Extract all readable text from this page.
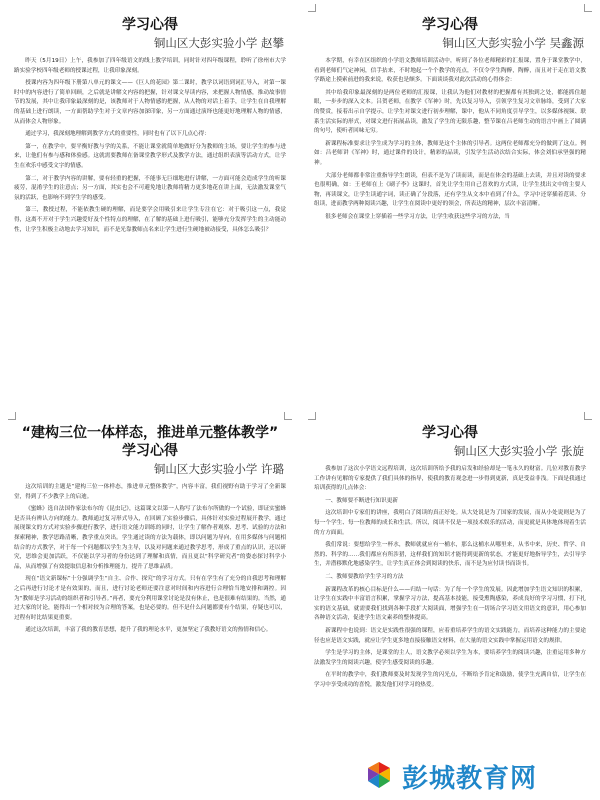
学习心得
铜山区大彭实验小学 赵攀

昨天（5月19日）上午，我参加了四年级语文的线上教学培训，同时针对四年级课程，聆听了徐州市大学路实验学校四年级老师的授课过程，让我印象深刻。

授课内容为四年级下册第八单元的课文——《巨人的花园》第二课时，教学以词语到词汇导入，对第一课时中的内容进行了简单回顾，之后就是讲解文内容的把握，针对课文导读内容，来把握人物情感，推动故事情节的发展，其中让我印象最深刻的是，该教师对于人物情感的把握，从人物的对话上着手，让学生在自我理解的基础上进行朗读，一方面帮助学生对于文章内容加深印象，另一方面通过演绎也能更好地理解人物的情感，从而体会人物形象。

通过学习，我深刻地理解到教学方式的重要性，同时也有了以下几点心得：

第一，在教学中，要平衡好教与学的关系，不能让课堂就简单地做好分为教师的主场，要让学生的参与进来，让他们有参与感和体验感。这就需要教师在备课堂教学形式及教学方法，通过组织表演等活动方式，让学生在欢乐中感受文字的情感。

第二，对于教学内容的讲解，要有轻重的把握，不能事无巨细地进行讲解，一方面可能会造成学生的听课疲劳，混淆学生的注意点；另一方面，其实也会不可避免地让教师将精力更多地花在讲上面，无法激发课堂气氛的活跃，也影响不到学生学的感受。

第三，教授过程，不能依教生硬的理解，而是要学会用吸引来让学生专注在它：对于吸引这一点，我觉得，这离不开对于学生兴趣爱好及个性特点的理解，在了解的基础上进行吸引，能够充分发挥学生的主动能动性，让学生积极主动地去学习知识，而不是光靠教师点名来让学生进行生硬地被动接受，具体怎么吸引？

学习心得
铜山区大彭实验小学 吴鑫源

本学期，有幸在区组织的小学语文教师培训活动中，听到了各位老师精彩的汇报课，置身于课堂教学中，看到老师们气定神闲，信手拈来，不时地起一个个教学的亮点，不仅令学生陶醉，陶醉，而且对于走在语文教学路途上摸索前进的我来说，收获也是颇多。下面谈谈我对此次活动的心得体会：

其中给我印象最深刻的是两位老师的汇报课，让我认为他们对教材的把握都有其独到之处，都能抓住题眼，一步步的深入文本。吕贺老师，在教学《军神》时，先以复习导入，引领学生复习文章脉络，受到了大家的赞赏，接着出示自学提示，让学生对课文进行初步理解，课中，他从不同角度引导学生，以多媒体视频、联系生活实际的形式，对课文进行拓展品读，激发了学生的无限乐趣，整节课在吕老师生动的语言中画上了圆满的句号，使听者回味无穷。

新课程标准要求让学生成为学习的主体，教师是这个主体的引导者。这两位老师都充分的做到了这点。例如：吕老师讲《军神》时，通过课件的设计，精彩的品读，引发学生活动次结合实际，体会刘伯承坚强的精神。

大部分老师都非常注重指导学生朗读，但表不是为了读而读，而是在体会的基础上去读，并且对读的要求也很明确，如：王老师在上《刷子李》这课时，首先让学生用自己喜欢的方式读，让学生找出文中的主要人物，再读课文，让学生读通字词，读正确了分段落，还有学生从文本中看到了什么，学习中还穿插着范读、分组读，进而教学两种阅读兴趣，让学生在阅读中更好的领会，所表达的精神，层次丰富清晰。

很多老师会在课堂上穿插着一些学习方法，让学生收获这些学习的方法，当

“建构三位一体样态，推进单元整体教学”
学习心得
铜山区大彭实验小学 许璐

这次培训的主题是“建构三位一体样态，推进单元整体教学”，内容丰富，我们视野有助于学习了全新课堂，得到了不少教学上的启迪。

《蜜蜂》选自法国作家法布尔的《昆虫记》，这篇课文以第一人称写了法布尔所做的一个试验，即证实蜜蜂是否具有辨认方向的能力。教师通过复习形式导入，在回顾了实验步骤后，具体针对实验过程展开教学，通过展现课文的方式对实验步骤进行教学，进行语文能力训练的同时，让学生了解作者观察、思考、试验的方法和探索精神，教学思路清晰，教学重点突出。学生通过读的方法为载体，即以问题为导向，在用多媒体与问题相结合的方式教学，对于每一个问题都以学生为主导，以及对问题来通过教学思考，形成了重点的认识，还以研究，思维会更加活跃，不仅能以学习者的身份达到了理解和真情，而且更以“科学研究者”的姿态探讨科学小品，从而增强了有效提取信息和分析推理能力，提升了思维品质。

现在“语文新课标”十分强调学生“自主、合作、探究”的学习方式。只有在学生有了充分的自我思考和理解之后再进行讨论才是有效果的，而且，进行讨论老师还要注意对时间和内容进行合理恰当地安排和调控。因为“教师是学习活动的组织者和引导者。”再者，要充分利用课堂讨论是没有休止，也是很难有结果的。当然，通过大家的讨论，能得出一个相对较为合理的答案，也是必要的。但不是什么问题都要有个结果，存疑也可以，过程有时比结果更重要。

通过这次培训，丰富了我的教育思想，提升了我的理论水平，更加坚定了我教好语文的热情和信心。

学习心得
铜山区大彭实验小学 张旋

我参加了这次小学语文远程培训，这次培训所给予我的启发和经验却是一笔永久的财富。几位对教育教学工作讲有见解的专家提供了我们具体的指导，使我的教育观念进一步得到更新，真是受益非浅。下面是我通过培训获得的几点体会：

一、教师要不断进行知识更新

这次培训中专家们的讲座，我明白了阅读的真正好处。从大处说是为了国家的发展，而从小处说则是为了每一个学生、每一位教师的成长和生活。所以，阅读不仅是一项技术娱乐的活动，而更就是具体地体现着生活的方方面面。

我们常说：要想给学生一杯水，教师就就应有一桶水，那么这桶水从哪里来，从书中来，历史、哲学、自然的、科学的……我们都应有所涉猎，这样我们的知识才能得到更新的状态，才能更好地指导学生，去引导学生，并潜移默化地感染学生，让学生真正体会到阅读的快乐，而不是为应付读书而读书。

二、教师要教给学生学习的方法

新课程改革的核心目标是什么——归结一句话：为了每一个学生的发展。因此增加学生语文知识的积累，让学生在实践中丰富语言积累，掌握学习方法，提高基本技能，接受熏陶感染，养成良好的学习习惯，打下扎实的语文基础，就需要我们找到各种手段扩大阅读面，增强学生在一切场合学习语文用语文的意识，用心参加各种语文活动，促进学生语文素养的整体提高。

新课程中也说到：语文是实践性很强的课程，应着重培养学生的语文实践能力，而培养这种能力的主要途径也应是语文实践，就应让学生更多地直接接触语文材料，在大量的语文实践中掌握运用语文的规律。

学生是学习的主体，是课堂的主人，语文教学必须以学生为本，要培养学生的阅读兴趣，注重运用多种方法激发学生的阅读兴趣，使学生感受阅读的乐趣。

在平时的教学中，我们教师要及时发现学生的闪光点，不断给予肯定和鼓励，使学生充满自信，让学生在学习中享受成功的喜悦，激发他们对学习的热爱。

彭城教育网
